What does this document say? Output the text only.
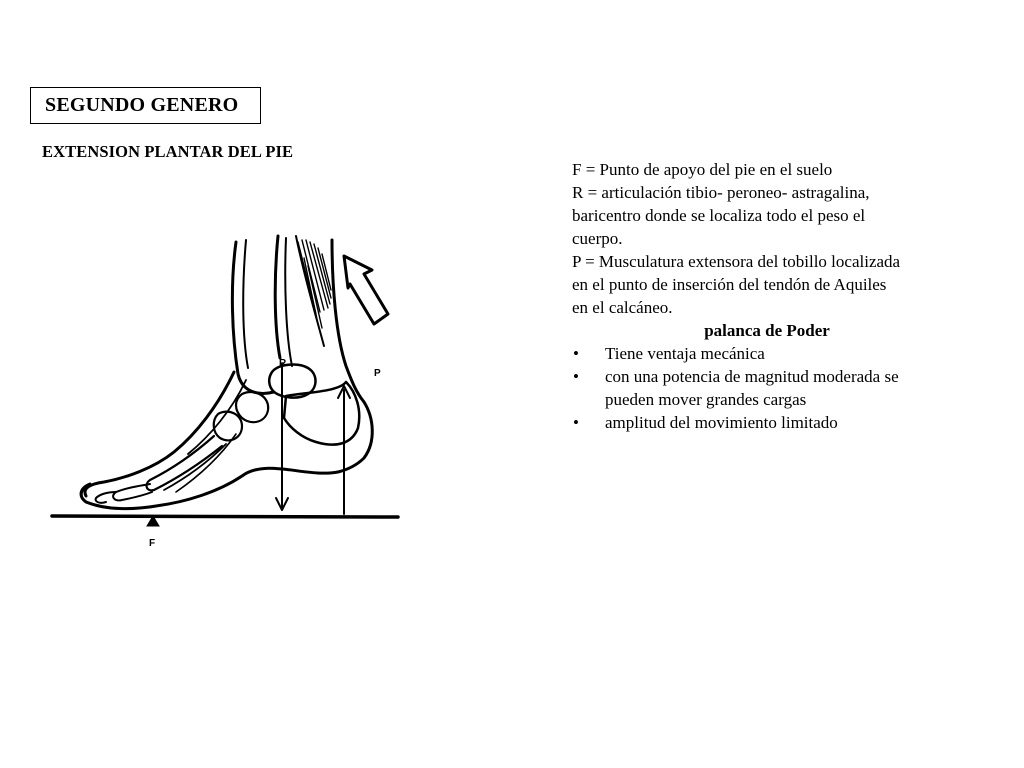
SEGUNDO GENERO
EXTENSION PLANTAR DEL PIE
R
P
F

F = Punto de apoyo del pie en el suelo

R = articulación tibio- peroneo- astragalina,

baricentro donde se localiza todo el peso el

cuerpo.

P = Musculatura extensora del tobillo localizada

en el punto de inserción del tendón de Aquiles

en el calcáneo.

palanca de Poder

• Tiene ventaja mecánica
• con una potencia de magnitud moderada se
pueden mover grandes cargas
• amplitud del movimiento limitado
